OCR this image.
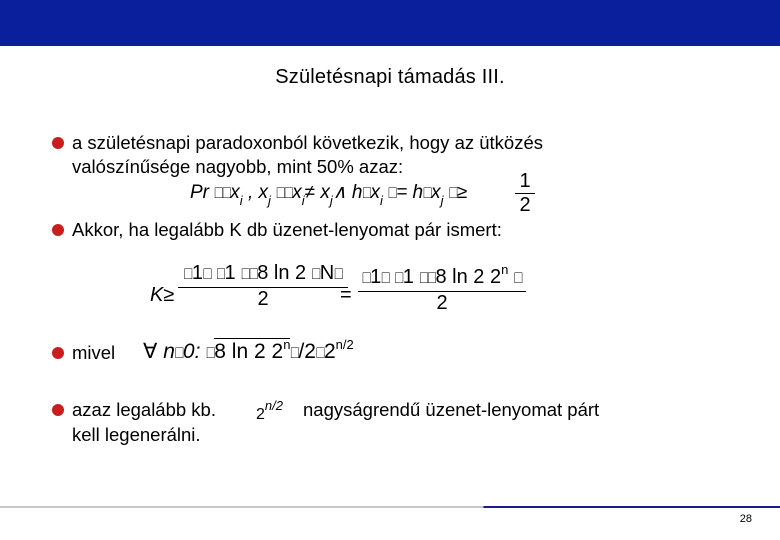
Születésnapi támadás III.
a születésnapi paradoxonból következik, hogy az ütközés
valószínűsége nagyobb, mint 50% azaz:
Pr $⎕⎕x_i$ , $x_j$ $⎕⎕x_i\ne$ $x_j\wedge$ $h⎕x_i$ ⎕= $h⎕x_j$ ⎕≥
1
2
Akkor, ha legalább K db üzenet-lenyomat pár ismert:
K≥
⎕1⎕ ⎕1 ⎕⎕8 ln 2 ⎕N⎕
2	=
⎕1⎕ ⎕1 ⎕⎕8 ln 2 2$^n$ ⎕
2
mivel ∀ n⎕0: ⎕8 ln 2 $2^n⎕/2⎕2^{n/2}$
azaz legalább kb.	$2^{n/2}$ nagyságrendű üzenet-lenyomat párt
kell legenerálni.
28
